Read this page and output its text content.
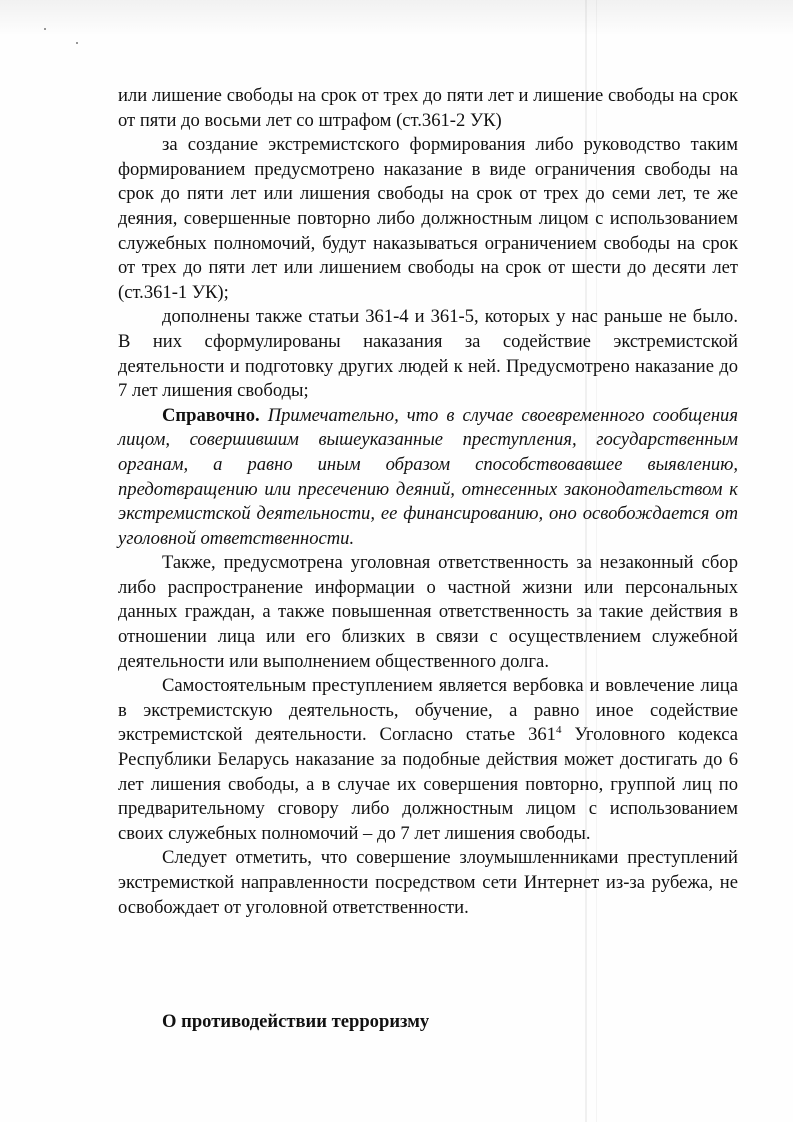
или лишение свободы на срок от трех до пяти лет и лишение свободы на срок от пяти до восьми лет со штрафом (ст.361-2 УК)

за создание экстремистского формирования либо руководство таким формированием предусмотрено наказание в виде ограничения свободы на срок до пяти лет или лишения свободы на срок от трех до семи лет, те же деяния, совершенные повторно либо должностным лицом с использованием служебных полномочий, будут наказываться ограничением свободы на срок от трех до пяти лет или лишением свободы на срок от шести до десяти лет (ст.361-1 УК);

дополнены также статьи 361-4 и 361-5, которых у нас раньше не было. В них сформулированы наказания за содействие экстремистской деятельности и подготовку других людей к ней. Предусмотрено наказание до 7 лет лишения свободы;

Справочно. Примечательно, что в случае своевременного сообщения лицом, совершившим вышеуказанные преступления, государственным органам, а равно иным образом способствовавшее выявлению, предотвращению или пресечению деяний, отнесенных законодательством к экстремистской деятельности, ее финансированию, оно освобождается от уголовной ответственности.

Также, предусмотрена уголовная ответственность за незаконный сбор либо распространение информации о частной жизни или персональных данных граждан, а также повышенная ответственность за такие действия в отношении лица или его близких в связи с осуществлением служебной деятельности или выполнением общественного долга.

Самостоятельным преступлением является вербовка и вовлечение лица в экстремистскую деятельность, обучение, а равно иное содействие экстремистской деятельности. Согласно статье $361^4$ Уголовного кодекса Республики Беларусь наказание за подобные действия может достигать до 6 лет лишения свободы, а в случае их совершения повторно, группой лиц по предварительному сговору либо должностным лицом с использованием своих служебных полномочий – до 7 лет лишения свободы.

Следует отметить, что совершение злоумышленниками преступлений экстремисткой направленности посредством сети Интернет из-за рубежа, не освобождает от уголовной ответственности.

О противодействии терроризму
